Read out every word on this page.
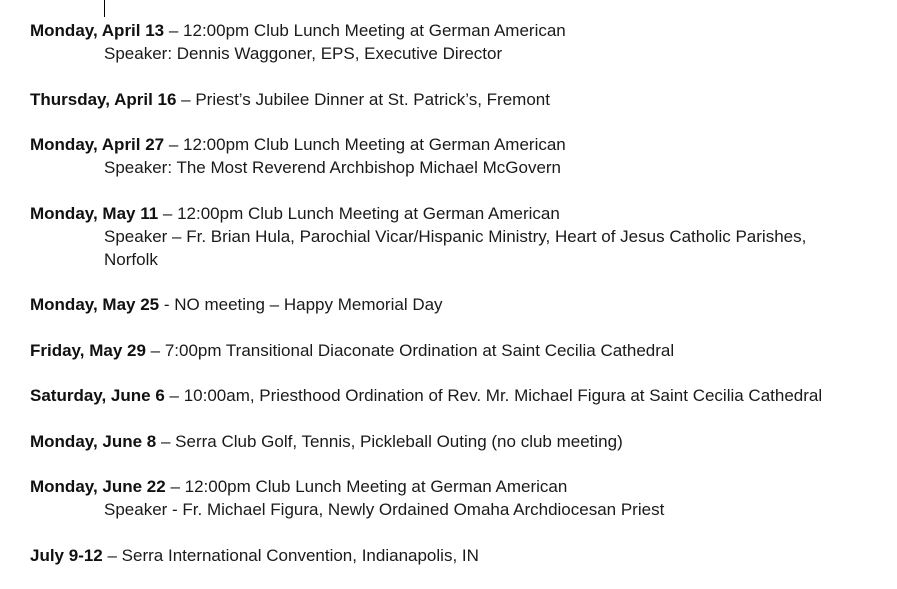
Monday, April 13 – 12:00pm Club Lunch Meeting at German American
Speaker: Dennis Waggoner, EPS, Executive Director
Thursday, April 16 – Priest’s Jubilee Dinner at St. Patrick’s, Fremont
Monday, April 27 – 12:00pm Club Lunch Meeting at German American
Speaker: The Most Reverend Archbishop Michael McGovern
Monday, May 11 – 12:00pm Club Lunch Meeting at German American
Speaker – Fr. Brian Hula, Parochial Vicar/Hispanic Ministry, Heart of Jesus Catholic Parishes,
Norfolk
Monday, May 25 - NO meeting – Happy Memorial Day
Friday, May 29 – 7:00pm Transitional Diaconate Ordination at Saint Cecilia Cathedral
Saturday, June 6 – 10:00am, Priesthood Ordination of Rev. Mr. Michael Figura at Saint Cecilia Cathedral
Monday, June 8 – Serra Club Golf, Tennis, Pickleball Outing (no club meeting)
Monday, June 22 – 12:00pm Club Lunch Meeting at German American
Speaker - Fr. Michael Figura, Newly Ordained Omaha Archdiocesan Priest
July 9-12 – Serra International Convention, Indianapolis, IN
